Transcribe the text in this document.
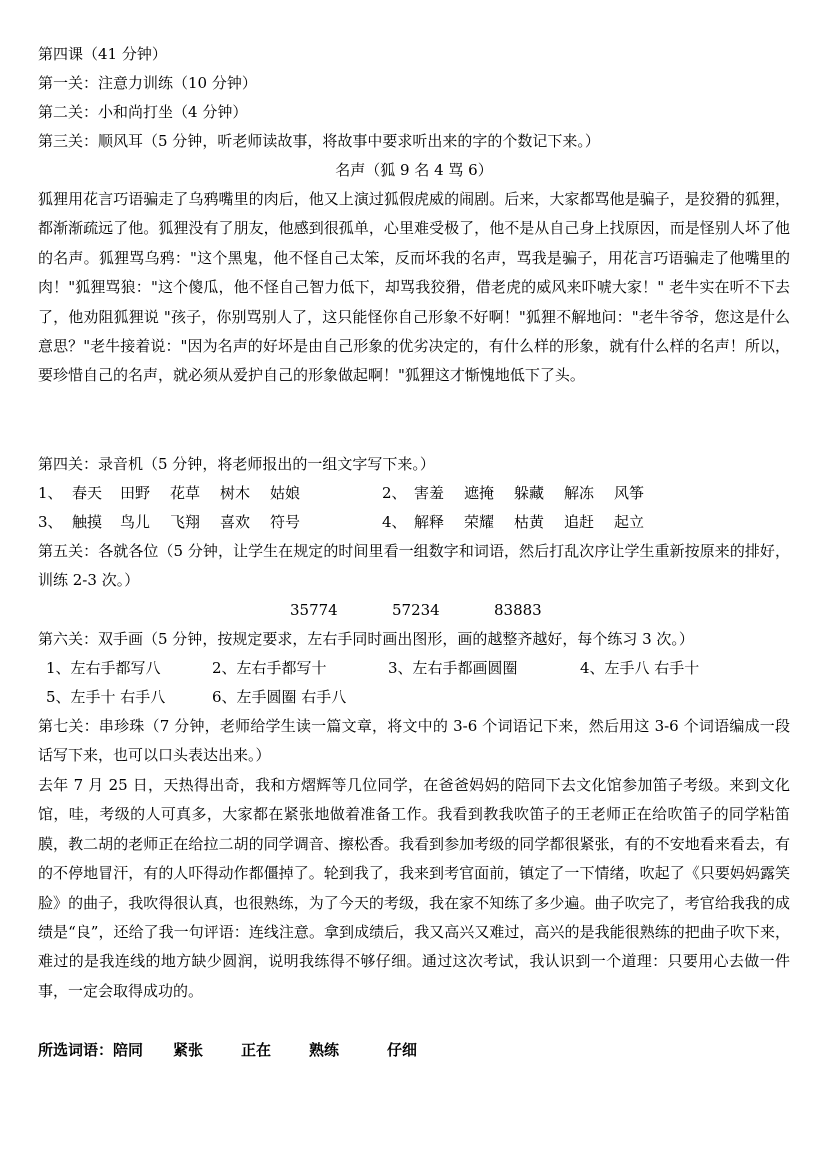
第四课（41 分钟）
第一关：注意力训练（10 分钟）
第二关：小和尚打坐（4 分钟）
第三关：顺风耳（5 分钟，听老师读故事，将故事中要求听出来的字的个数记下来。）
名声（狐 9 名 4 骂 6）
狐狸用花言巧语骗走了乌鸦嘴里的肉后，他又上演过狐假虎威的闹剧。后来，大家都骂他是骗子，是狡猾的狐狸，都渐渐疏远了他。狐狸没有了朋友，他感到很孤单，心里难受极了，他不是从自己身上找原因，而是怪别人坏了他的名声。狐狸骂乌鸦："这个黑鬼，他不怪自己太笨，反而坏我的名声，骂我是骗子，用花言巧语骗走了他嘴里的肉！"狐狸骂狼："这个傻瓜，他不怪自己智力低下，却骂我狡猾，借老虎的威风来吓唬大家！" 老牛实在听不下去了，他劝阻狐狸说 "孩子，你别骂别人了，这只能怪你自己形象不好啊！"狐狸不解地问："老牛爷爷，您这是什么意思？"老牛接着说："因为名声的好坏是由自己形象的优劣决定的，有什么样的形象，就有什么样的名声！所以，要珍惜自己的名声，就必须从爱护自己的形象做起啊！"狐狸这才惭愧地低下了头。
第四关：录音机（5 分钟，将老师报出的一组文字写下来。）
1、 春天	田野	花草	树木	姑娘	2、 害羞	遮掩	躲藏	解冻	风筝
3、 触摸	鸟儿	飞翔	喜欢	符号	4、 解释	荣耀	枯黄	追赶	起立
第五关：各就各位（5 分钟，让学生在规定的时间里看一组数字和词语，然后打乱次序让学生重新按原来的排好，训练 2-3 次。）
35774	57234	83883
第六关：双手画（5 分钟，按规定要求，左右手同时画出图形，画的越整齐越好，每个练习 3 次。）
1、左右手都写八	2、左右手都写十	3、左右手都画圆圈	4、左手八 右手十
5、左手十 右手八	6、左手圆圈 右手八
第七关：串珍珠（7 分钟，老师给学生读一篇文章，将文中的 3-6 个词语记下来，然后用这 3-6 个词语编成一段话写下来，也可以口头表达出来。）
去年 7 月 25 日，天热得出奇，我和方熠辉等几位同学，在爸爸妈妈的陪同下去文化馆参加笛子考级。来到文化馆，哇，考级的人可真多，大家都在紧张地做着准备工作。我看到教我吹笛子的王老师正在给吹笛子的同学粘笛膜，教二胡的老师正在给拉二胡的同学调音、擦松香。我看到参加考级的同学都很紧张，有的不安地看来看去，有的不停地冒汗，有的人吓得动作都僵掉了。轮到我了，我来到考官面前，镇定了一下情绪，吹起了《只要妈妈露笑脸》的曲子，我吹得很认真，也很熟练，为了今天的考级，我在家不知练了多少遍。曲子吹完了，考官给我我的成绩是“良”，还给了我一句评语：连线注意。拿到成绩后，我又高兴又难过，高兴的是我能很熟练的把曲子吹下来，难过的是我连线的地方缺少圆润，说明我练得不够仔细。通过这次考试，我认识到一个道理：只要用心去做一件事，一定会取得成功的。
所选词语： 陪同	紧张	正在	熟练	仔细
